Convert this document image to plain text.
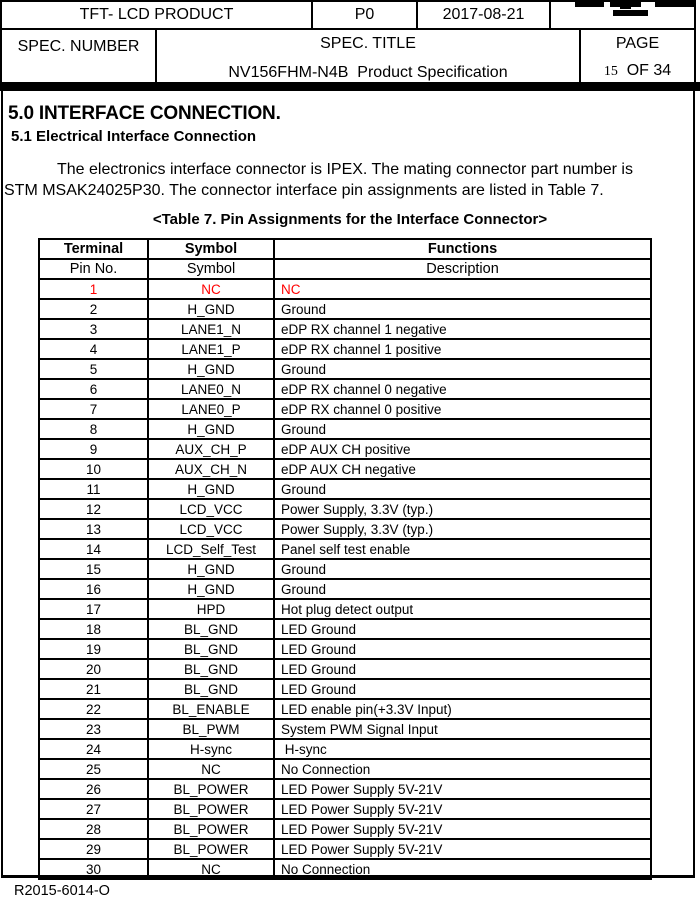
TFT- LCD PRODUCT	P0	2017-08-21
SPEC. NUMBER	SPEC. TITLE
NV156FHM-N4B  Product Specification
PAGE
15  OF 34
5.0 INTERFACE CONNECTION.
5.1 Electrical Interface Connection
The electronics interface connector is IPEX. The mating connector part number is
STM MSAK24025P30. The connector interface pin assignments are listed in Table 7.
<Table 7. Pin Assignments for the Interface Connector>
Terminal	Symbol	Functions
Pin No.	Symbol	Description
1	NC	NC
2	H_GND	Ground
3	LANE1_N	eDP RX channel 1 negative
4	LANE1_P	eDP RX channel 1 positive
5	H_GND	Ground
6	LANE0_N	eDP RX channel 0 negative
7	LANE0_P	eDP RX channel 0 positive
8	H_GND	Ground
9	AUX_CH_P	eDP AUX CH positive
10	AUX_CH_N	eDP AUX CH negative
11	H_GND	Ground
12	LCD_VCC	Power Supply, 3.3V (typ.)
13	LCD_VCC	Power Supply, 3.3V (typ.)
14	LCD_Self_Test	Panel self test enable
15	H_GND	Ground
16	H_GND	Ground
17	HPD	Hot plug detect output
18	BL_GND	LED Ground
19	BL_GND	LED Ground
20	BL_GND	LED Ground
21	BL_GND	LED Ground
22	BL_ENABLE	LED enable pin(+3.3V Input)
23	BL_PWM	System PWM Signal Input
24	H-sync	H-sync
25	NC	No Connection
26	BL_POWER	LED Power Supply 5V-21V
27	BL_POWER	LED Power Supply 5V-21V
28	BL_POWER	LED Power Supply 5V-21V
29	BL_POWER	LED Power Supply 5V-21V
30	NC	No Connection
R2015-6014-O
